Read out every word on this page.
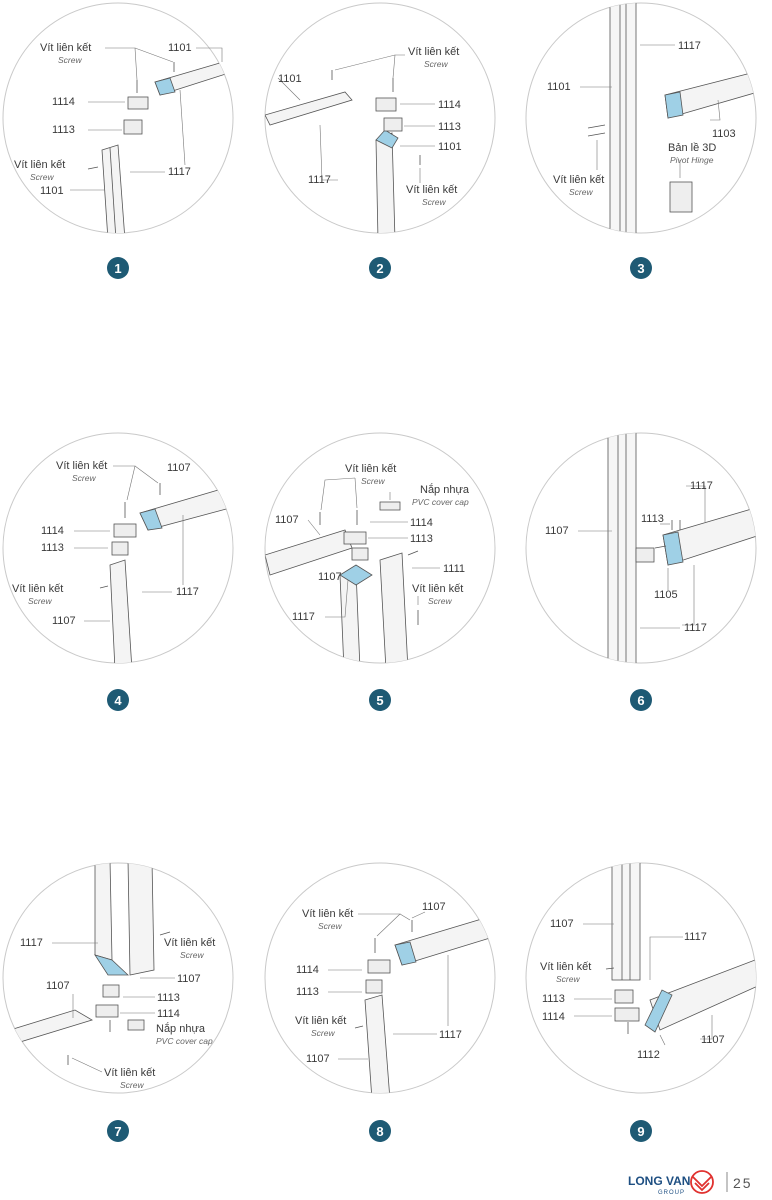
Vít liên kết
Screw
1101
1114
1113
1117
Vít liên kết
Screw
1101
1
Vít liên kết
Screw
1101
1114
1113
1101
1117
Vít liên kết
Screw
2
1117
1101
1103
Bản lề 3D
Pivot Hinge
Vít liên kết
Screw
3
Vít liên kết
Screw
1107
1114
1113
Vít liên kết
Screw
1117
1107
4
Vít liên kết
Screw
Nắp nhựa
PVC cover cap
1107	1114
1113
1107
1111
Vít liên kết
Screw
1117
5
1117
1113
1107
1105
1117
6
1117	Vít liên kết
Screw
1107
1107
1113
1114
Nắp nhựa
PVC cover cap
Vít liên kết
Screw
7
Vít liên kết
Screw
1107
1114
1113
Vít liên kết
Screw	1117
1107
8
1107
1117
Vít liên kết
Screw
1113
1114
1112
1107
9
LONG VAN
GROUP
25
